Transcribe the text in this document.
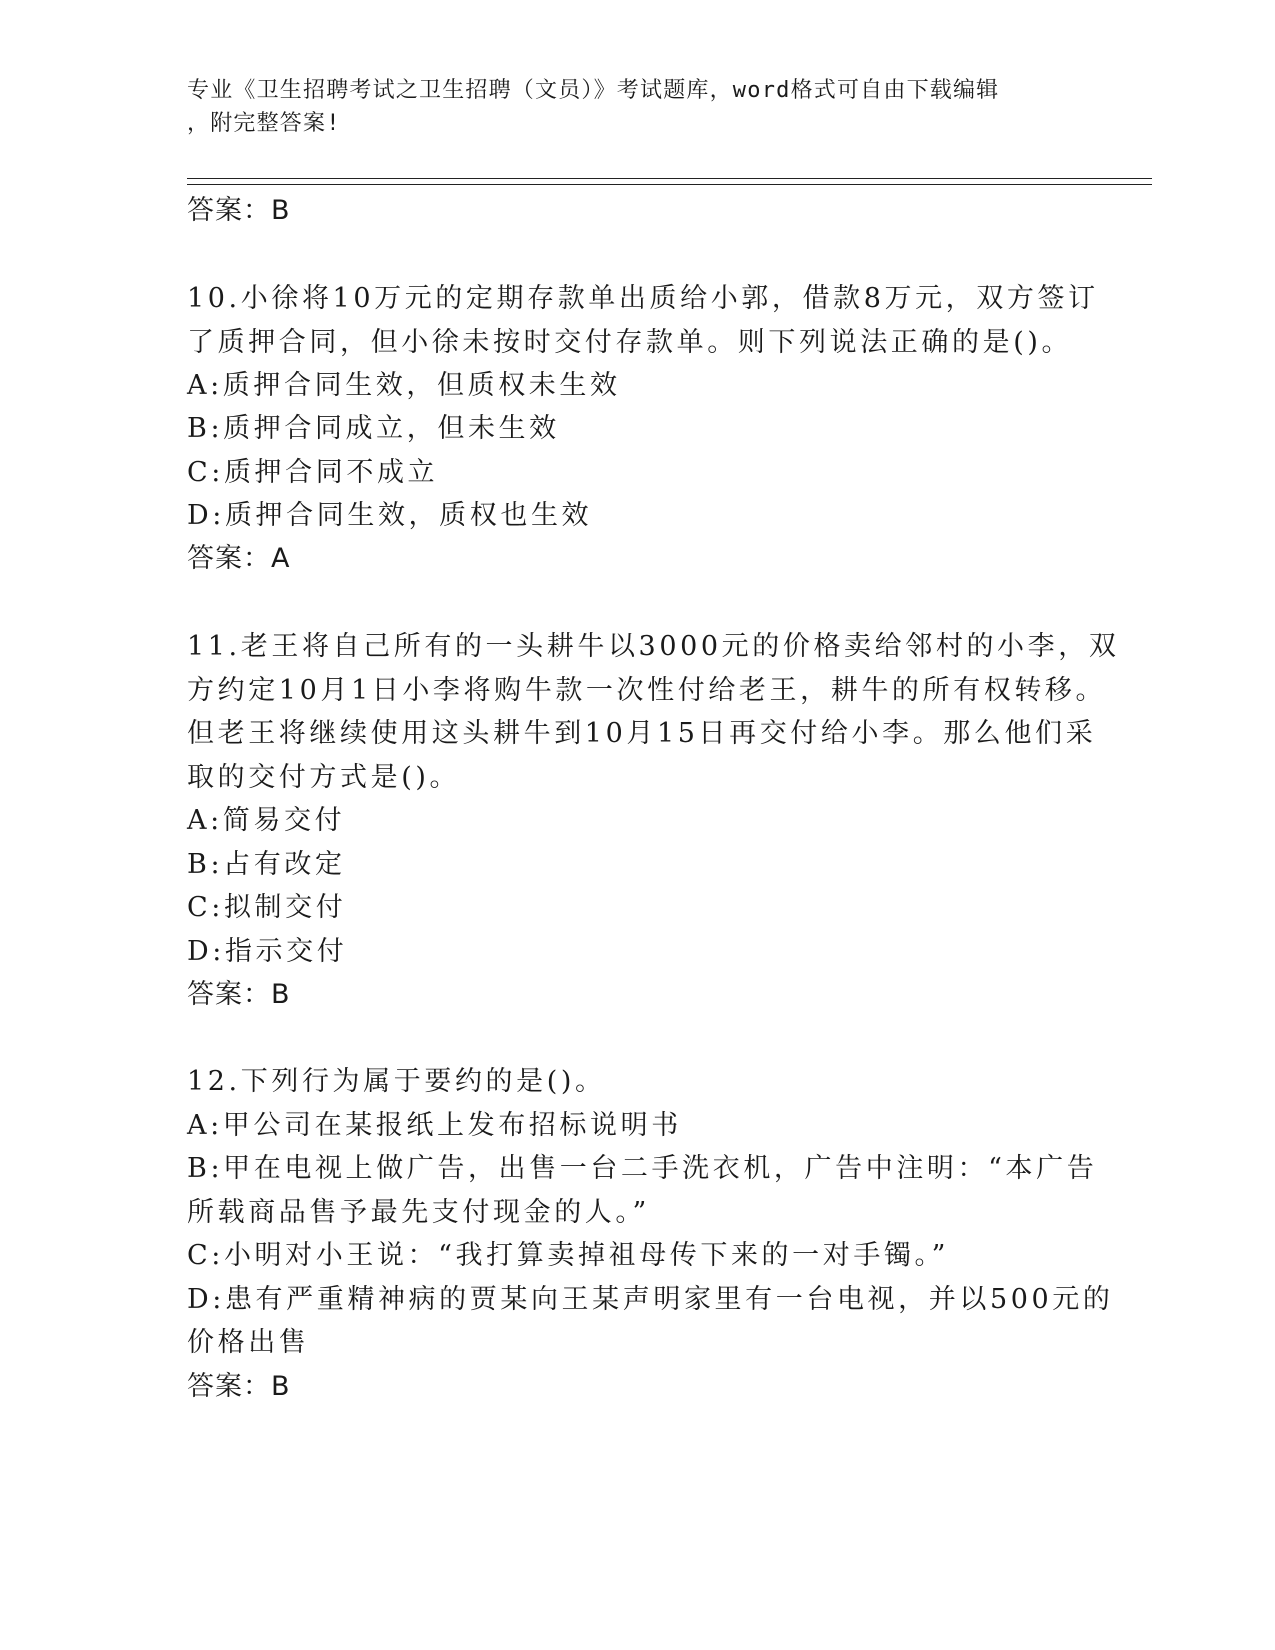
专业《卫生招聘考试之卫生招聘（文员）》考试题库，word格式可自由下载编辑
，附完整答案!
答案：B
10.小徐将10万元的定期存款单出质给小郭，借款8万元，双方签订
了质押合同，但小徐未按时交付存款单。则下列说法正确的是()。
A:质押合同生效，但质权未生效
B:质押合同成立，但未生效
C:质押合同不成立
D:质押合同生效，质权也生效
答案：A
11.老王将自己所有的一头耕牛以3000元的价格卖给邻村的小李，双
方约定10月1日小李将购牛款一次性付给老王，耕牛的所有权转移。
但老王将继续使用这头耕牛到10月15日再交付给小李。那么他们采
取的交付方式是()。
A:简易交付
B:占有改定
C:拟制交付
D:指示交付
答案：B
12.下列行为属于要约的是()。
A:甲公司在某报纸上发布招标说明书
B:甲在电视上做广告，出售一台二手洗衣机，广告中注明：“本广告
所载商品售予最先支付现金的人。”
C:小明对小王说：“我打算卖掉祖母传下来的一对手镯。”
D:患有严重精神病的贾某向王某声明家里有一台电视，并以500元的
价格出售
答案：B
